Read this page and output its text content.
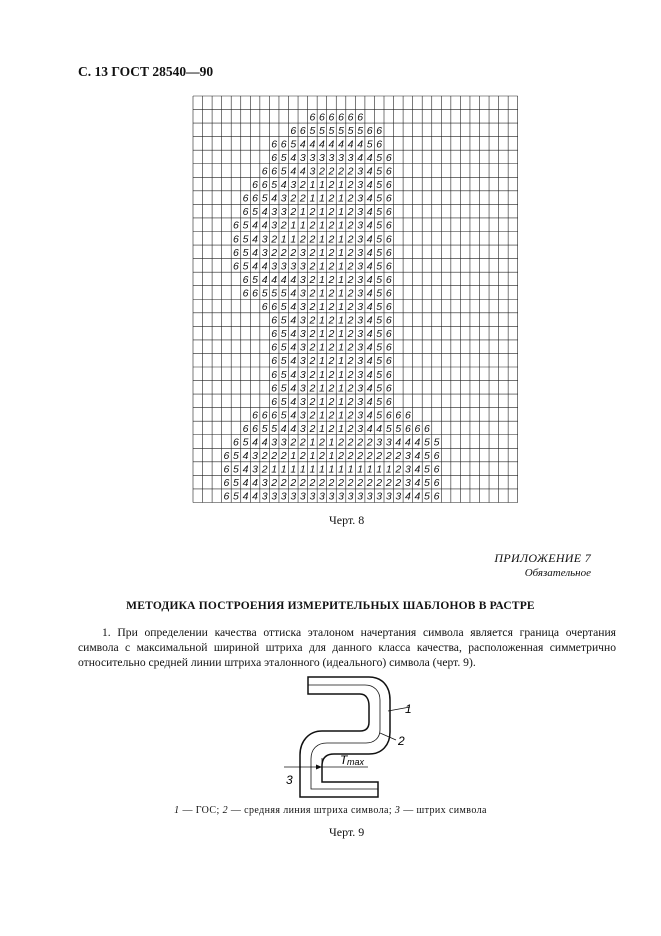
С. 13 ГОСТ 28540—90
6 6 6 6 6 6
6 6 5 5 5 5 5 5 6 6
6 6 5 4 4 4 4 4 4 4 5 6
6 5 4 3 3 3 3 3 3 4 4 5 6
6 6 5 4 4 3 2 2 2 2 3 4 5 6
6 6 5 4 3 2 1 1 2 1 2 3 4 5 6
6 6 5 4 3 2 2 1 1 2 1 2 3 4 5 6
6 5 4 3 3 2 1 2 1 2 1 2 3 4 5 6
6 5 4 4 3 2 1 1 2 1 2 1 2 3 4 5 6
6 5 4 3 2 1 1 2 2 1 2 1 2 3 4 5 6
6 5 4 3 2 2 2 3 2 1 2 1 2 3 4 5 6
6 5 4 4 3 3 3 3 2 1 2 1 2 3 4 5 6
6 5 4 4 4 4 3 2 1 2 1 2 3 4 5 6
6 6 5 5 5 4 3 2 1 2 1 2 3 4 5 6
6 6 5 4 3 2 1 2 1 2 3 4 5 6
6 5 4 3 2 1 2 1 2 3 4 5 6
6 5 4 3 2 1 2 1 2 3 4 5 6
6 5 4 3 2 1 2 1 2 3 4 5 6
6 5 4 3 2 1 2 1 2 3 4 5 6
6 5 4 3 2 1 2 1 2 3 4 5 6
6 5 4 3 2 1 2 1 2 3 4 5 6
6 5 4 3 2 1 2 1 2 3 4 5 6
6 6 6 5 4 3 2 1 2 1 2 3 4 5 6 6 6
6 6 5 5 4 4 3 2 1 2 1 2 3 4 4 5 5 6 6 6
6 5 4 4 3 3 2 2 1 2 1 2 2 2 2 3 3 4 4 4 5 5
6 5 4 3 2 2 2 1 2 1 2 1 2 2 2 2 2 2 2 3 4 5 6
6 5 4 3 2 1 1 1 1 1 1 1 1 1 1 1 1 1 2 3 4 5 6
6 5 4 4 3 2 2 2 2 2 2 2 2 2 2 2 2 2 2 3 4 5 6
6 5 4 4 3 3 3 3 3 3 3 3 3 3 3 3 3 3 3 4 4 5 6
Черт. 8
ПРИЛОЖЕНИЕ 7
Обязательное
МЕТОДИКА ПОСТРОЕНИЯ ИЗМЕРИТЕЛЬНЫХ ШАБЛОНОВ В РАСТРЕ
1. При определении качества оттиска эталоном начертания символа является граница очертания символа с максимальной шириной штриха для данного класса качества, расположенная симметрично относительно средней линии штриха эталонного (идеального) символа (черт. 9).
1
2
3
T max
1 — ГОС; 2 — средняя линия штриха символа; 3 — штрих символа
Черт. 9
